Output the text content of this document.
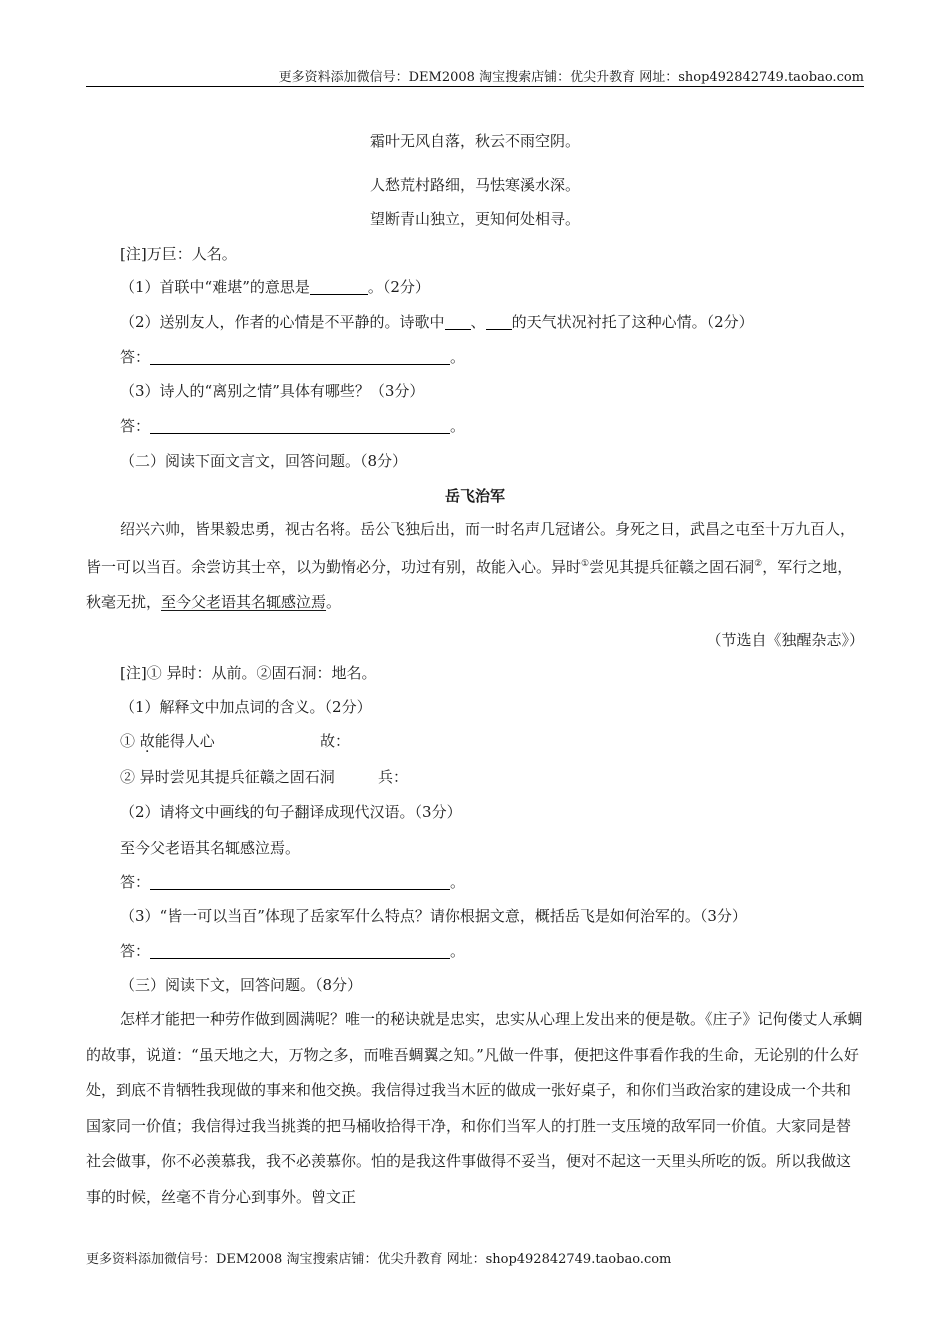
更多资料添加微信号：DEM2008 淘宝搜索店铺：优尖升教育 网址：shop492842749.taobao.com
霜叶无风自落，秋云不雨空阴。
人愁荒村路细，马怯寒溪水深。
望断青山独立，更知何处相寻。
[注]万巨：人名。
（1）首联中“难堪”的意思是	。（2分）
（2）送别友人，作者的心情是不平静的。诗歌中 、 的天气状况衬托了这种心情。（2分）
答：	。
（3）诗人的“离别之情”具体有哪些？（3分）
答：	。
（二）阅读下面文言文，回答问题。（8分）
岳飞治军
绍兴六帅，皆果毅忠勇，视古名将。岳公飞独后出，而一时名声几冠诸公。身死之日，武昌之屯至十万九百人，皆一可以当百。余尝访其士卒，以为勤惰必分，功过有别，故能入心。异时①尝见其提兵征赣之固石洞②，军行之地，秋毫无扰，至今父老语其名辄感泣焉。
（节选自《独醒杂志》）
[注]① 异时：从前。②固石洞：地名。
（1）解释文中加点词的含义。（2分）
① 故能得人心	故：
② 异时尝见其提兵征赣之固石洞	兵：
（2）请将文中画线的句子翻译成现代汉语。（3分）
至今父老语其名辄感泣焉。
答：	。
（3）“皆一可以当百”体现了岳家军什么特点？请你根据文意，概括岳飞是如何治军的。（3分）
答：	。
（三）阅读下文，回答问题。（8分）
怎样才能把一种劳作做到圆满呢？唯一的秘诀就是忠实，忠实从心理上发出来的便是敬。《庄子》记佝偻丈人承蜩的故事，说道：“虽天地之大，万物之多，而唯吾蜩翼之知。”凡做一件事，便把这件事看作我的生命，无论别的什么好处，到底不肯牺牲我现做的事来和他交换。我信得过我当木匠的做成一张好桌子，和你们当政治家的建设成一个共和国家同一价值；我信得过我当挑粪的把马桶收拾得干净，和你们当军人的打胜一支压境的敌军同一价值。大家同是替社会做事，你不必羡慕我，我不必羡慕你。怕的是我这件事做得不妥当，便对不起这一天里头所吃的饭。所以我做这事的时候，丝毫不肯分心到事外。曾文正
更多资料添加微信号：DEM2008 淘宝搜索店铺：优尖升教育 网址：shop492842749.taobao.com
